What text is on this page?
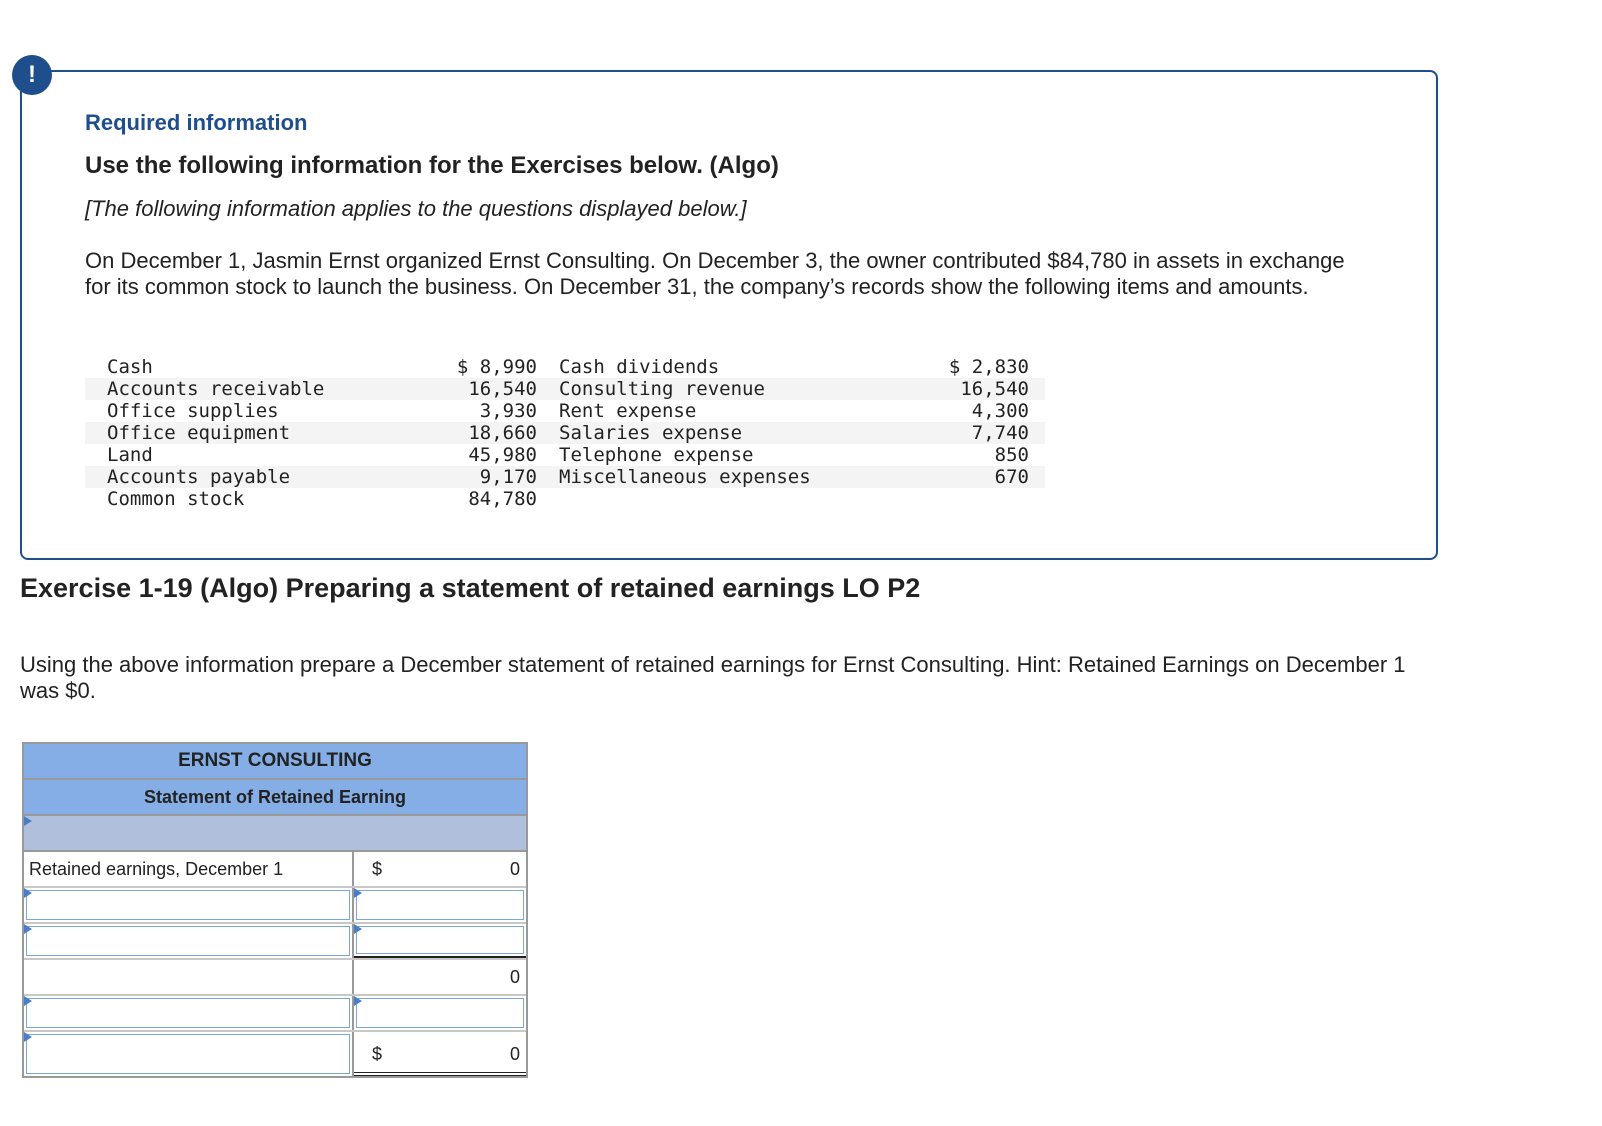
!
Required information
Use the following information for the Exercises below. (Algo)
[The following information applies to the questions displayed below.]
On December 1, Jasmin Ernst organized Ernst Consulting. On December 3, the owner contributed $84,780 in assets in exchange for its common stock to launch the business. On December 31, the company’s records show the following items and amounts.
Cash	$ 8,990	Cash dividends	$ 2,830
Accounts receivable	16,540	Consulting revenue	16,540
Office supplies	3,930	Rent expense	4,300
Office equipment	18,660	Salaries expense	7,740
Land	45,980	Telephone expense	850
Accounts payable	9,170	Miscellaneous expenses	670
Common stock	84,780		
Exercise 1-19 (Algo) Preparing a statement of retained earnings LO P2
Using the above information prepare a December statement of retained earnings for Ernst Consulting. Hint: Retained Earnings on December 1 was $0.
ERNST CONSULTING
Statement of Retained Earning
Retained earnings, December 1	$	0
0
$	0
